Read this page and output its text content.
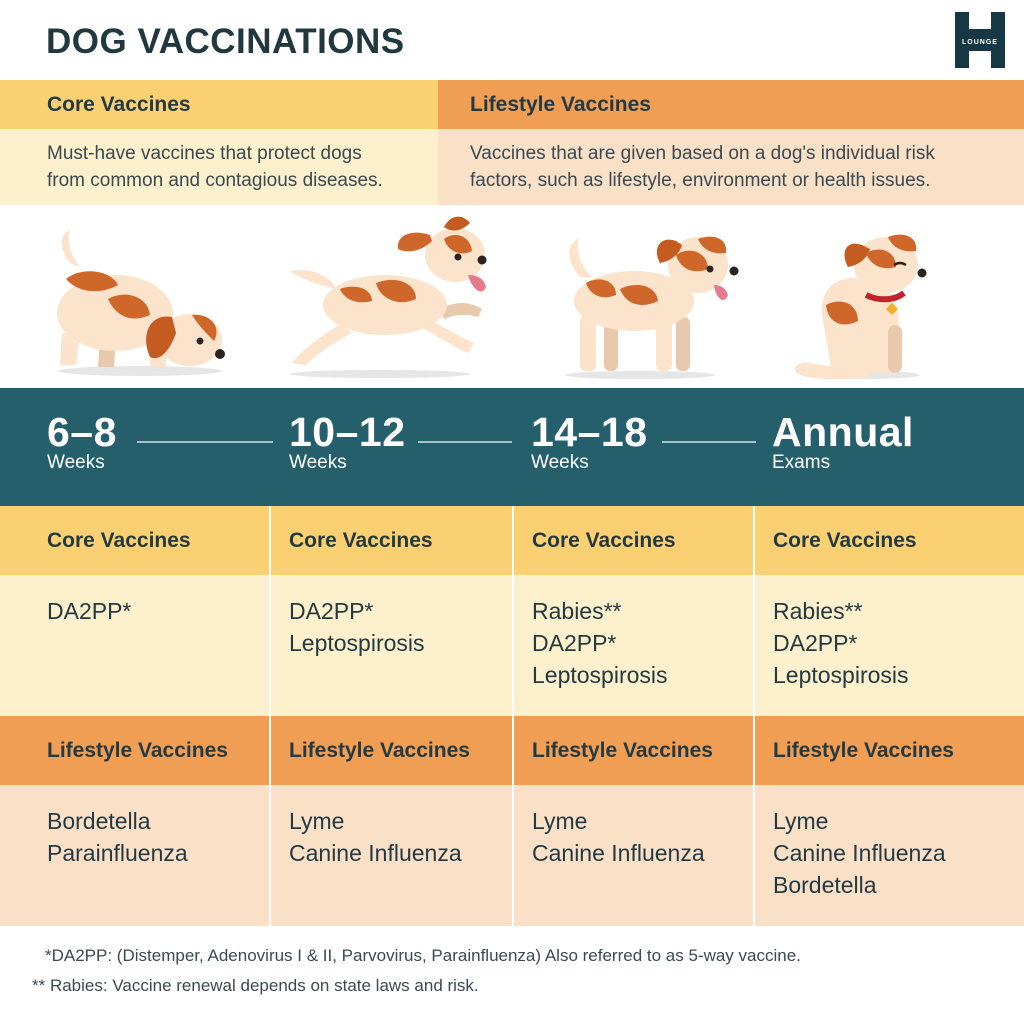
DOG VACCINATIONS	LOUNGE
Core Vaccines
Must-have vaccines that protect dogs
from common and contagious diseases.
Lifestyle Vaccines
Vaccines that are given based on a dog's individual risk
factors, such as lifestyle, environment or health issues.
6–8
Weeks
10–12
Weeks
14–18
Weeks
Annual
Exams
Core Vaccines
DA2PP*
Lifestyle Vaccines
Bordetella
Parainfluenza
Core Vaccines
DA2PP*
Leptospirosis
Lifestyle Vaccines
Lyme
Canine Influenza
Core Vaccines
Rabies**
DA2PP*
Leptospirosis
Lifestyle Vaccines
Lyme
Canine Influenza
Core Vaccines
Rabies**
DA2PP*
Leptospirosis
Lifestyle Vaccines
Lyme
Canine Influenza
Bordetella
*DA2PP: (Distemper, Adenovirus I & II, Parvovirus, Parainfluenza) Also referred to as 5-way vaccine.
** Rabies: Vaccine renewal depends on state laws and risk.
